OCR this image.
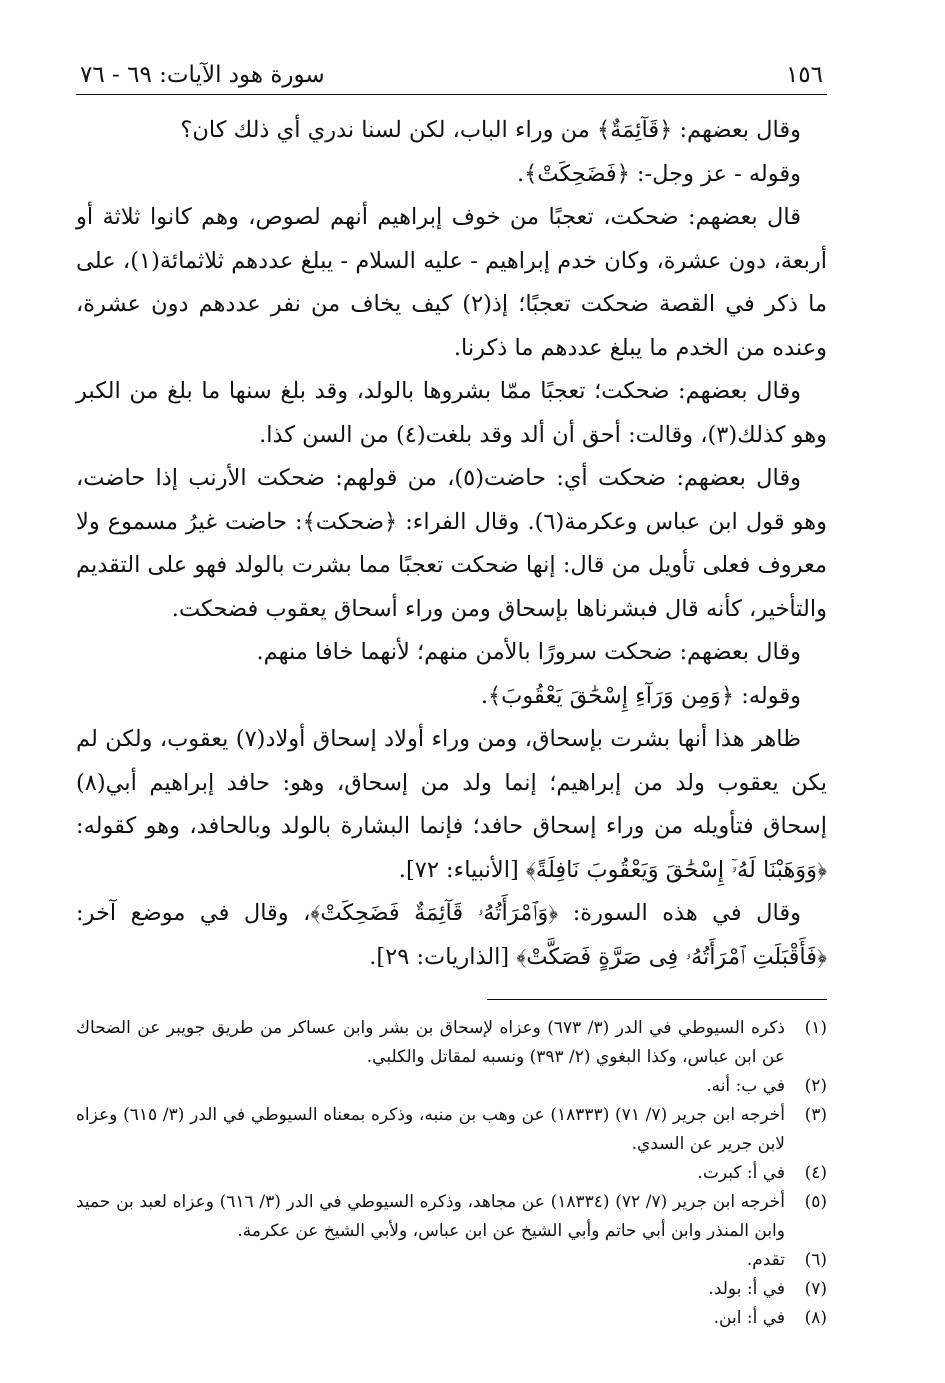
١٥٦
سورة هود الآيات: ٦٩ - ٧٦

وقال بعضهم: ﴿قَآئِمَةٌ﴾ من وراء الباب، لكن لسنا ندري أي ذلك كان؟

وقوله - عز وجل-: ﴿فَضَحِكَتْ﴾.

قال بعضهم: ضحكت، تعجبًا من خوف إبراهيم أنهم لصوص، وهم كانوا ثلاثة أو أربعة، دون عشرة، وكان خدم إبراهيم - عليه السلام - يبلغ عددهم ثلاثمائة(١)، على ما ذكر في القصة ضحكت تعجبًا؛ إذ(٢) كيف يخاف من نفر عددهم دون عشرة، وعنده من الخدم ما يبلغ عددهم ما ذكرنا.

وقال بعضهم: ضحكت؛ تعجبًا ممّا بشروها بالولد، وقد بلغ سنها ما بلغ من الكبر وهو كذلك(٣)، وقالت: أحق أن ألد وقد بلغت(٤) من السن كذا.

وقال بعضهم: ضحكت أي: حاضت(٥)، من قولهم: ضحكت الأرنب إذا حاضت، وهو قول ابن عباس وعكرمة(٦). وقال الفراء: ﴿ضحكت﴾: حاضت غيرُ مسموع ولا معروف فعلى تأويل من قال: إنها ضحكت تعجبًا مما بشرت بالولد فهو على التقديم والتأخير، كأنه قال فبشرناها بإسحاق ومن وراء أسحاق يعقوب فضحكت.

وقال بعضهم: ضحكت سرورًا بالأمن منهم؛ لأنهما خافا منهم.

وقوله: ﴿وَمِن وَرَآءِ إِسْحَٰقَ يَعْقُوبَ﴾.

ظاهر هذا أنها بشرت بإسحاق، ومن وراء أولاد إسحاق أولاد(٧) يعقوب، ولكن لم يكن يعقوب ولد من إبراهيم؛ إنما ولد من إسحاق، وهو: حافد إبراهيم أبي(٨) إسحاق فتأويله من وراء إسحاق حافد؛ فإنما البشارة بالولد وبالحافد، وهو كقوله: ﴿وَوَهَبْنَا لَهُۥٓ إِسْحَٰقَ وَيَعْقُوبَ نَافِلَةً﴾ [الأنبياء: ٧٢].

وقال في هذه السورة: ﴿وَٱمْرَأَتُهُۥ قَآئِمَةٌ فَضَحِكَتْ﴾، وقال في موضع آخر: ﴿فَأَقْبَلَتِ ٱمْرَأَتُهُۥ فِى صَرَّةٍ فَصَكَّتْ﴾ [الذاريات: ٢٩].

(١)
ذكره السيوطي في الدر (٣/ ٦٧٣) وعزاه لإسحاق بن بشر وابن عساكر من طريق جويبر عن الضحاك عن ابن عباس، وكذا البغوي (٢/ ٣٩٣) ونسبه لمقاتل والكلبي.
(٢)
في ب: أنه.
(٣)
أخرجه ابن جرير (٧/ ٧١) (١٨٣٣٣) عن وهب بن منبه، وذكره بمعناه السيوطي في الدر (٣/ ٦١٥) وعزاه لابن جرير عن السدي.
(٤)
في أ: كبرت.
(٥)
أخرجه ابن جرير (٧/ ٧٢) (١٨٣٣٤) عن مجاهد، وذكره السيوطي في الدر (٣/ ٦١٦) وعزاه لعبد بن حميد وابن المنذر وابن أبي حاتم وأبي الشيخ عن ابن عباس، ولأبي الشيخ عن عكرمة.
(٦)
تقدم.
(٧)
في أ: بولد.
(٨)
في أ: ابن.
